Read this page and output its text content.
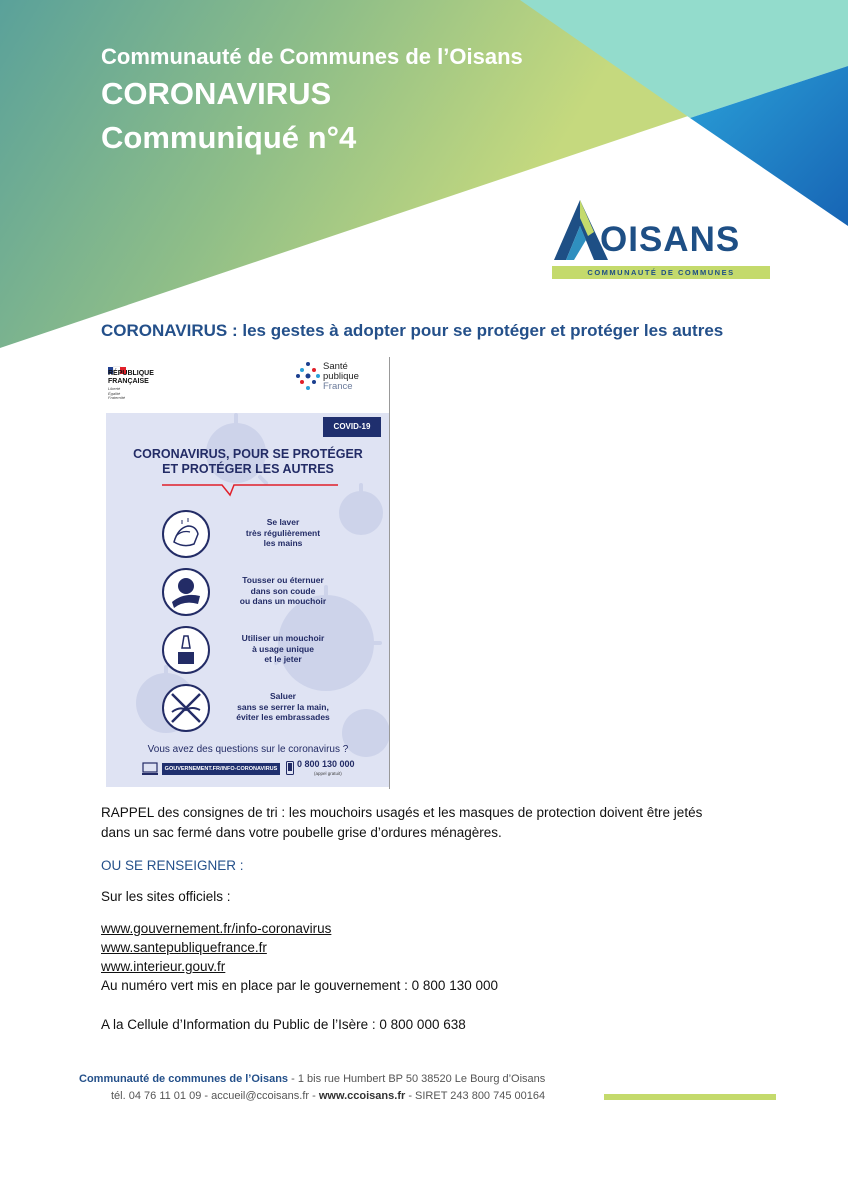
Communauté de Communes de l’Oisans
CORONAVIRUS
Communiqué n°4
OISANS
COMMUNAUTÉ DE COMMUNES
CORONAVIRUS : les gestes à adopter pour se protéger et protéger les autres
RÉPUBLIQUE
FRANÇAISE
Liberté
Égalité
Fraternité
Santé
publique
France
COVID-19
CORONAVIRUS, POUR SE PROTÉGER
ET PROTÉGER LES AUTRES
Se laver
très régulièrement
les mains
Tousser ou éternuer
dans son coude
ou dans un mouchoir
Utiliser un mouchoir
à usage unique
et le jeter
Saluer
sans se serrer la main,
éviter les embrassades
Vous avez des questions sur le coronavirus ?
GOUVERNEMENT.FR/INFO-CORONAVIRUS 0 800 130 000
(appel gratuit)
RAPPEL des consignes de tri : les mouchoirs usagés et les masques de protection doivent être jetés
dans un sac fermé dans votre poubelle grise d’ordures ménagères.
OU SE RENSEIGNER :
Sur les sites officiels :
www.gouvernement.fr/info-coronavirus
www.santepubliquefrance.fr
www.interieur.gouv.fr
Au numéro vert mis en place par le gouvernement : 0 800 130 000
A la Cellule d’Information du Public de l’Isère : 0 800 000 638
Communauté de communes de l’Oisans - 1 bis rue Humbert BP 50 38520 Le Bourg d’Oisans
tél. 04 76 11 01 09 - accueil@ccoisans.fr - www.ccoisans.fr - SIRET 243 800 745 00164
